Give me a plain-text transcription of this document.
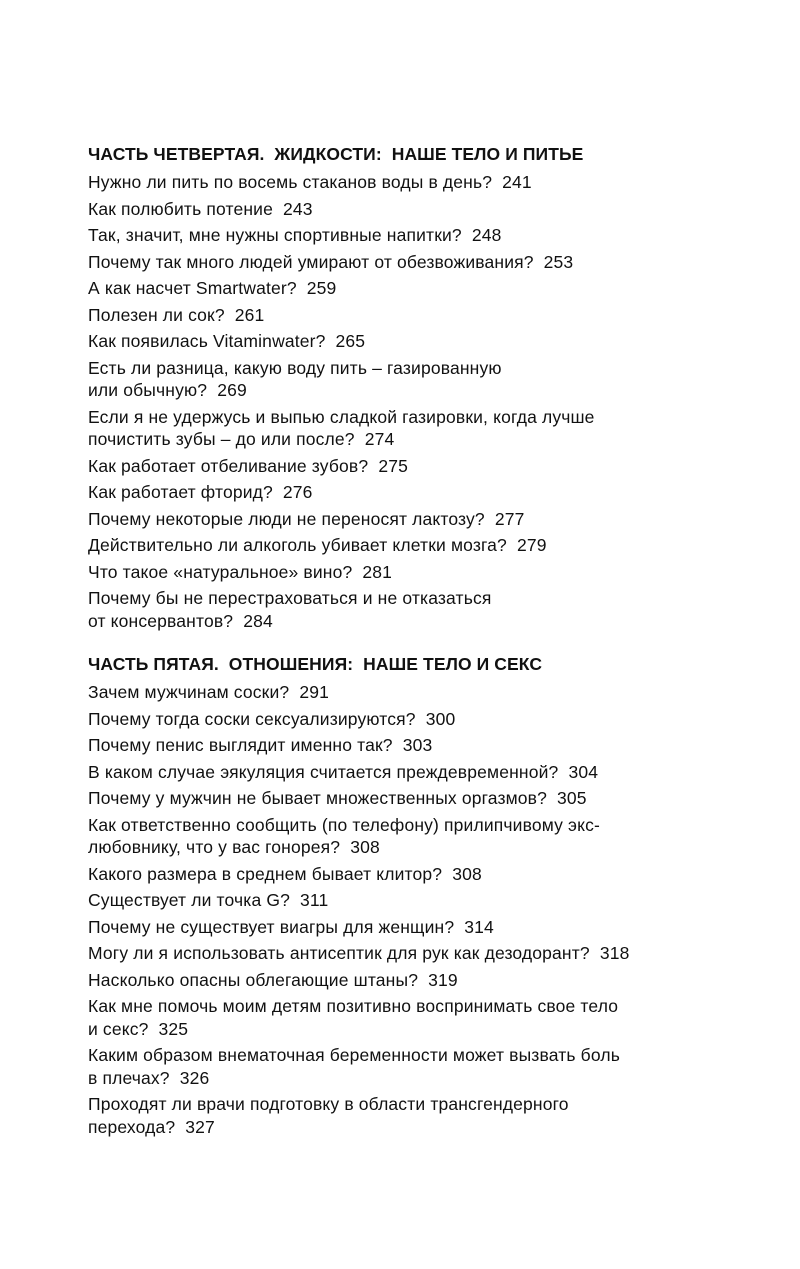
ЧАСТЬ ЧЕТВЕРТАЯ.  ЖИДКОСТИ:  НАШЕ ТЕЛО И ПИТЬЕ
Нужно ли пить по восемь стаканов воды в день? 241
Как полюбить потение 243
Так, значит, мне нужны спортивные напитки? 248
Почему так много людей умирают от обезвоживания? 253
А как насчет Smartwater? 259
Полезен ли сок? 261
Как появилась Vitaminwater? 265
Есть ли разница, какую воду пить – газированную
или обычную? 269
Если я не удержусь и выпью сладкой газировки, когда лучше
почистить зубы – до или после? 274
Как работает отбеливание зубов? 275
Как работает фторид? 276
Почему некоторые люди не переносят лактозу? 277
Действительно ли алкоголь убивает клетки мозга? 279
Что такое «натуральное» вино? 281
Почему бы не перестраховаться и не отказаться
от консервантов? 284
ЧАСТЬ ПЯТАЯ.  ОТНОШЕНИЯ:  НАШЕ ТЕЛО И СЕКС
Зачем мужчинам соски? 291
Почему тогда соски сексуализируются? 300
Почему пенис выглядит именно так? 303
В каком случае эякуляция считается преждевременной? 304
Почему у мужчин не бывает множественных оргазмов? 305
Как ответственно сообщить (по телефону) прилипчивому экс-
любовнику, что у вас гонорея? 308
Какого размера в среднем бывает клитор? 308
Существует ли точка G? 311
Почему не существует виагры для женщин? 314
Могу ли я использовать антисептик для рук как дезодорант? 318
Насколько опасны облегающие штаны? 319
Как мне помочь моим детям позитивно воспринимать свое тело
и секс? 325
Каким образом внематочная беременности может вызвать боль
в плечах? 326
Проходят ли врачи подготовку в области трансгендерного
перехода? 327
